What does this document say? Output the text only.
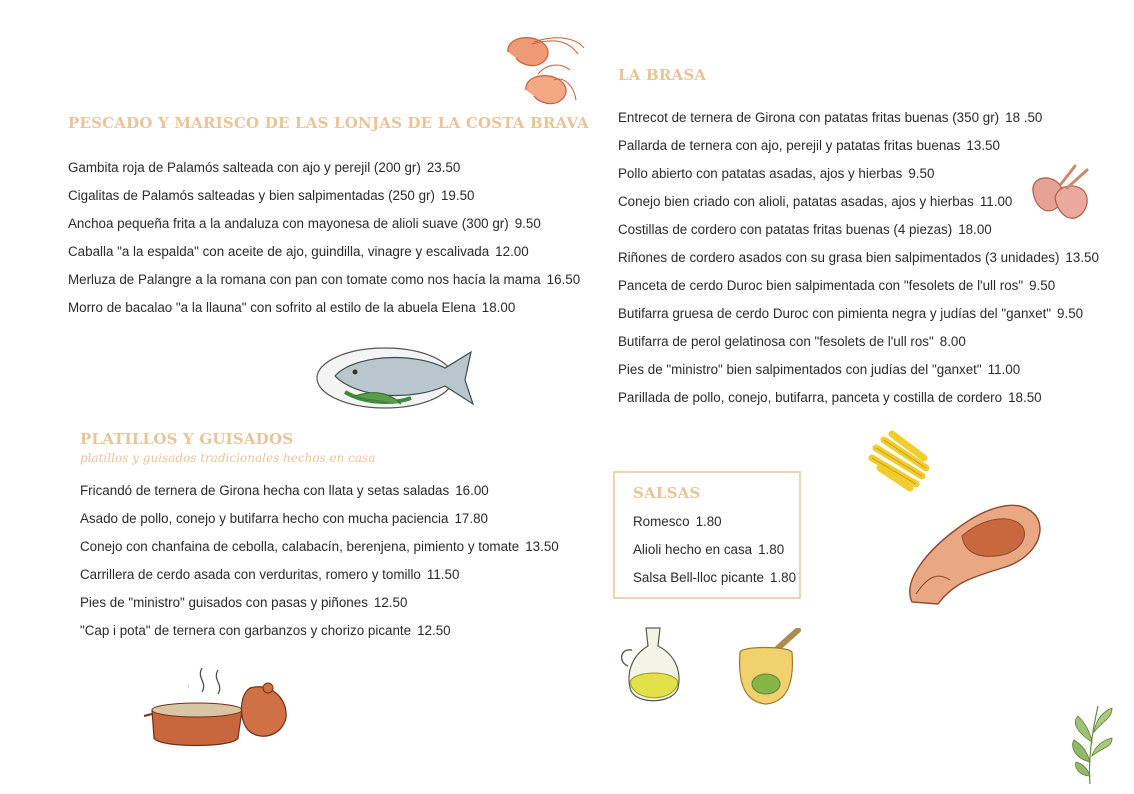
PESCADO Y MARISCO DE LAS LONJAS DE LA COSTA BRAVA
Gambita roja de Palamós salteada con ajo y perejil (200 gr) 23.50
Cigalitas de Palamós salteadas y bien salpimentadas (250 gr) 19.50
Anchoa pequeña frita a la andaluza con mayonesa de alioli suave (300 gr) 9.50
Caballa "a la espalda" con aceite de ajo, guindilla, vinagre y escalivada 12.00
Merluza de Palangre a la romana con pan con tomate como nos hacía la mama 16.50
Morro de bacalao "a la llauna" con sofrito al estilo de la abuela Elena 18.00
LA BRASA
Entrecot de ternera de Girona con patatas fritas buenas (350 gr) 18 .50
Pallarda de ternera con ajo, perejil y patatas fritas buenas 13.50
Pollo abierto con patatas asadas, ajos y hierbas 9.50
Conejo bien criado con alioli, patatas asadas, ajos y hierbas 11.00
Costillas de cordero con patatas fritas buenas (4 piezas) 18.00
Riñones de cordero asados con su grasa bien salpimentados (3 unidades) 13.50
Panceta de cerdo Duroc bien salpimentada con "fesolets de l'ull ros" 9.50
Butifarra gruesa de cerdo Duroc con pimienta negra y judías del "ganxet" 9.50
Butifarra de perol gelatinosa con "fesolets de l'ull ros" 8.00
Pies de "ministro" bien salpimentados con judías del "ganxet" 11.00
Parillada de pollo, conejo, butifarra, panceta y costilla de cordero 18.50
PLATILLOS Y GUISADOS

platillos y guisados tradicionales hechos en casa

Fricandó de ternera de Girona hecha con llata y setas saladas 16.00
Asado de pollo, conejo y butifarra hecho con mucha paciencia 17.80
Conejo con chanfaina de cebolla, calabacín, berenjena, pimiento y tomate 13.50
Carrillera de cerdo asada con verduritas, romero y tomillo 11.50
Pies de "ministro" guisados con pasas y piñones 12.50
"Cap i pota" de ternera con garbanzos y chorizo picante 12.50
SALSAS
Romesco 1.80
Alioli hecho en casa 1.80
Salsa Bell-lloc picante 1.80
